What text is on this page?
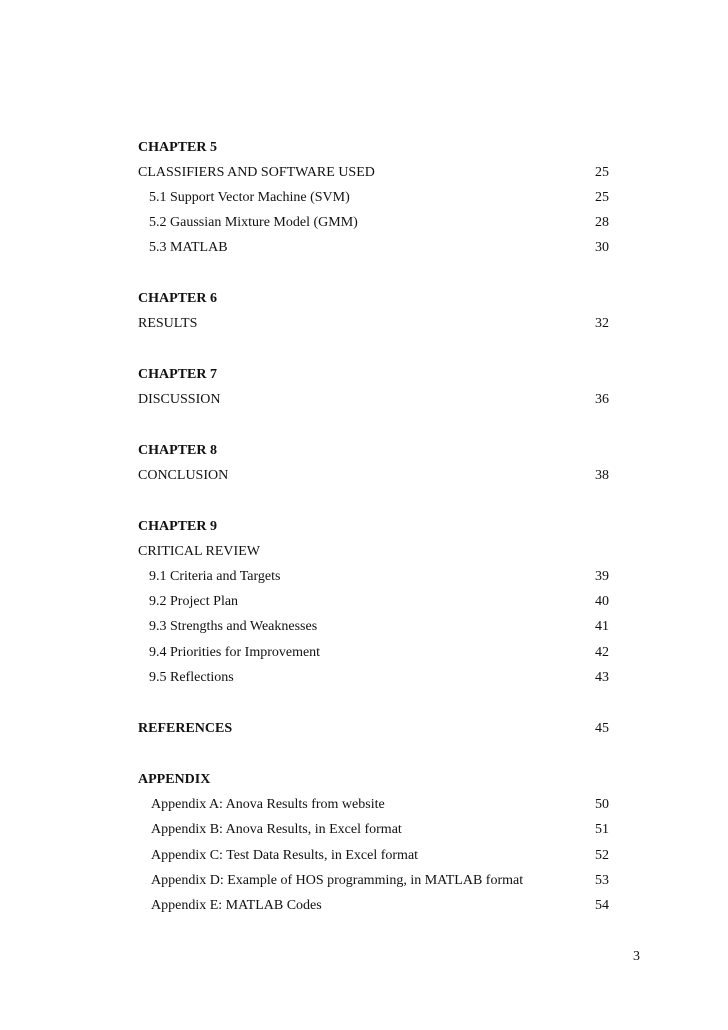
CHAPTER 5
CLASSIFIERS AND SOFTWARE USED	25
5.1 Support Vector Machine (SVM)	25
5.2 Gaussian Mixture Model (GMM)	28
5.3 MATLAB	30
CHAPTER 6
RESULTS	32
CHAPTER 7
DISCUSSION	36
CHAPTER 8
CONCLUSION	38
CHAPTER 9
CRITICAL REVIEW
9.1 Criteria and Targets	39
9.2 Project Plan	40
9.3 Strengths and Weaknesses	41
9.4 Priorities for Improvement	42
9.5 Reflections	43
REFERENCES	45
APPENDIX
Appendix A: Anova Results from website	50
Appendix B: Anova Results, in Excel format	51
Appendix C: Test Data Results, in Excel format	52
Appendix D: Example of HOS programming, in MATLAB format	53
Appendix E: MATLAB Codes	54
3
